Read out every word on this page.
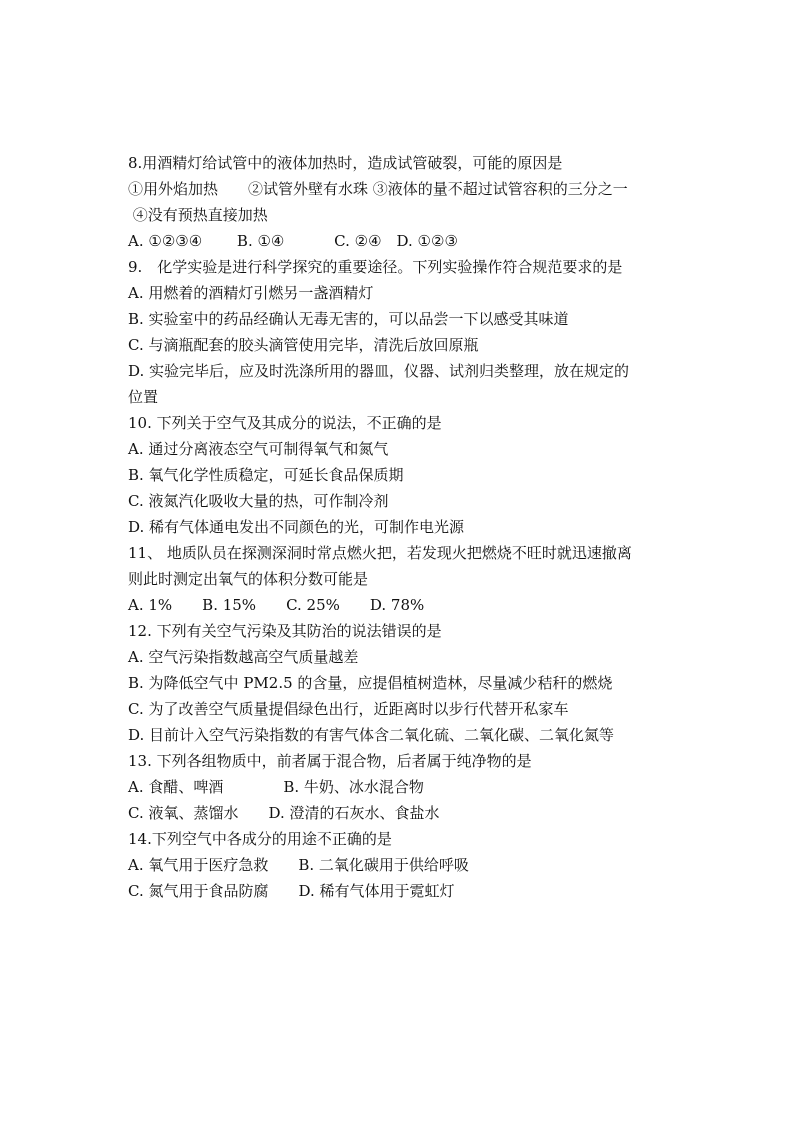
8.用酒精灯给试管中的液体加热时，造成试管破裂，可能的原因是

①用外焰加热　　②试管外壁有水珠 ③液体的量不超过试管容积的三分之一

④没有预热直接加热

A. ①②③④　　 B. ①④　　　 C. ②④　D. ①②③

9.　化学实验是进行科学探究的重要途径。下列实验操作符合规范要求的是

A. 用燃着的酒精灯引燃另一盏酒精灯

B. 实验室中的药品经确认无毒无害的，可以品尝一下以感受其味道

C. 与滴瓶配套的胶头滴管使用完毕，清洗后放回原瓶

D. 实验完毕后，应及时洗涤所用的器皿，仪器、试剂归类整理，放在规定的

位置

10. 下列关于空气及其成分的说法，不正确的是

A. 通过分离液态空气可制得氧气和氮气

B. 氧气化学性质稳定，可延长食品保质期

C. 液氮汽化吸收大量的热，可作制冷剂

D. 稀有气体通电发出不同颜色的光，可制作电光源

11、 地质队员在探测深洞时常点燃火把，若发现火把燃烧不旺时就迅速撤离

则此时测定出氧气的体积分数可能是

A. 1%　　B. 15%　　C. 25%　　D. 78%

12. 下列有关空气污染及其防治的说法错误的是

A. 空气污染指数越高空气质量越差

B. 为降低空气中 PM2.5 的含量，应提倡植树造林，尽量减少秸秆的燃烧

C. 为了改善空气质量提倡绿色出行，近距离时以步行代替开私家车

D. 目前计入空气污染指数的有害气体含二氧化硫、二氧化碳、二氧化氮等

13. 下列各组物质中，前者属于混合物，后者属于纯净物的是

A. 食醋、啤酒　　　　B. 牛奶、冰水混合物

C. 液氧、蒸馏水　　D. 澄清的石灰水、食盐水

14.下列空气中各成分的用途不正确的是

A. 氧气用于医疗急救　　B. 二氧化碳用于供给呼吸

C. 氮气用于食品防腐　　D. 稀有气体用于霓虹灯
